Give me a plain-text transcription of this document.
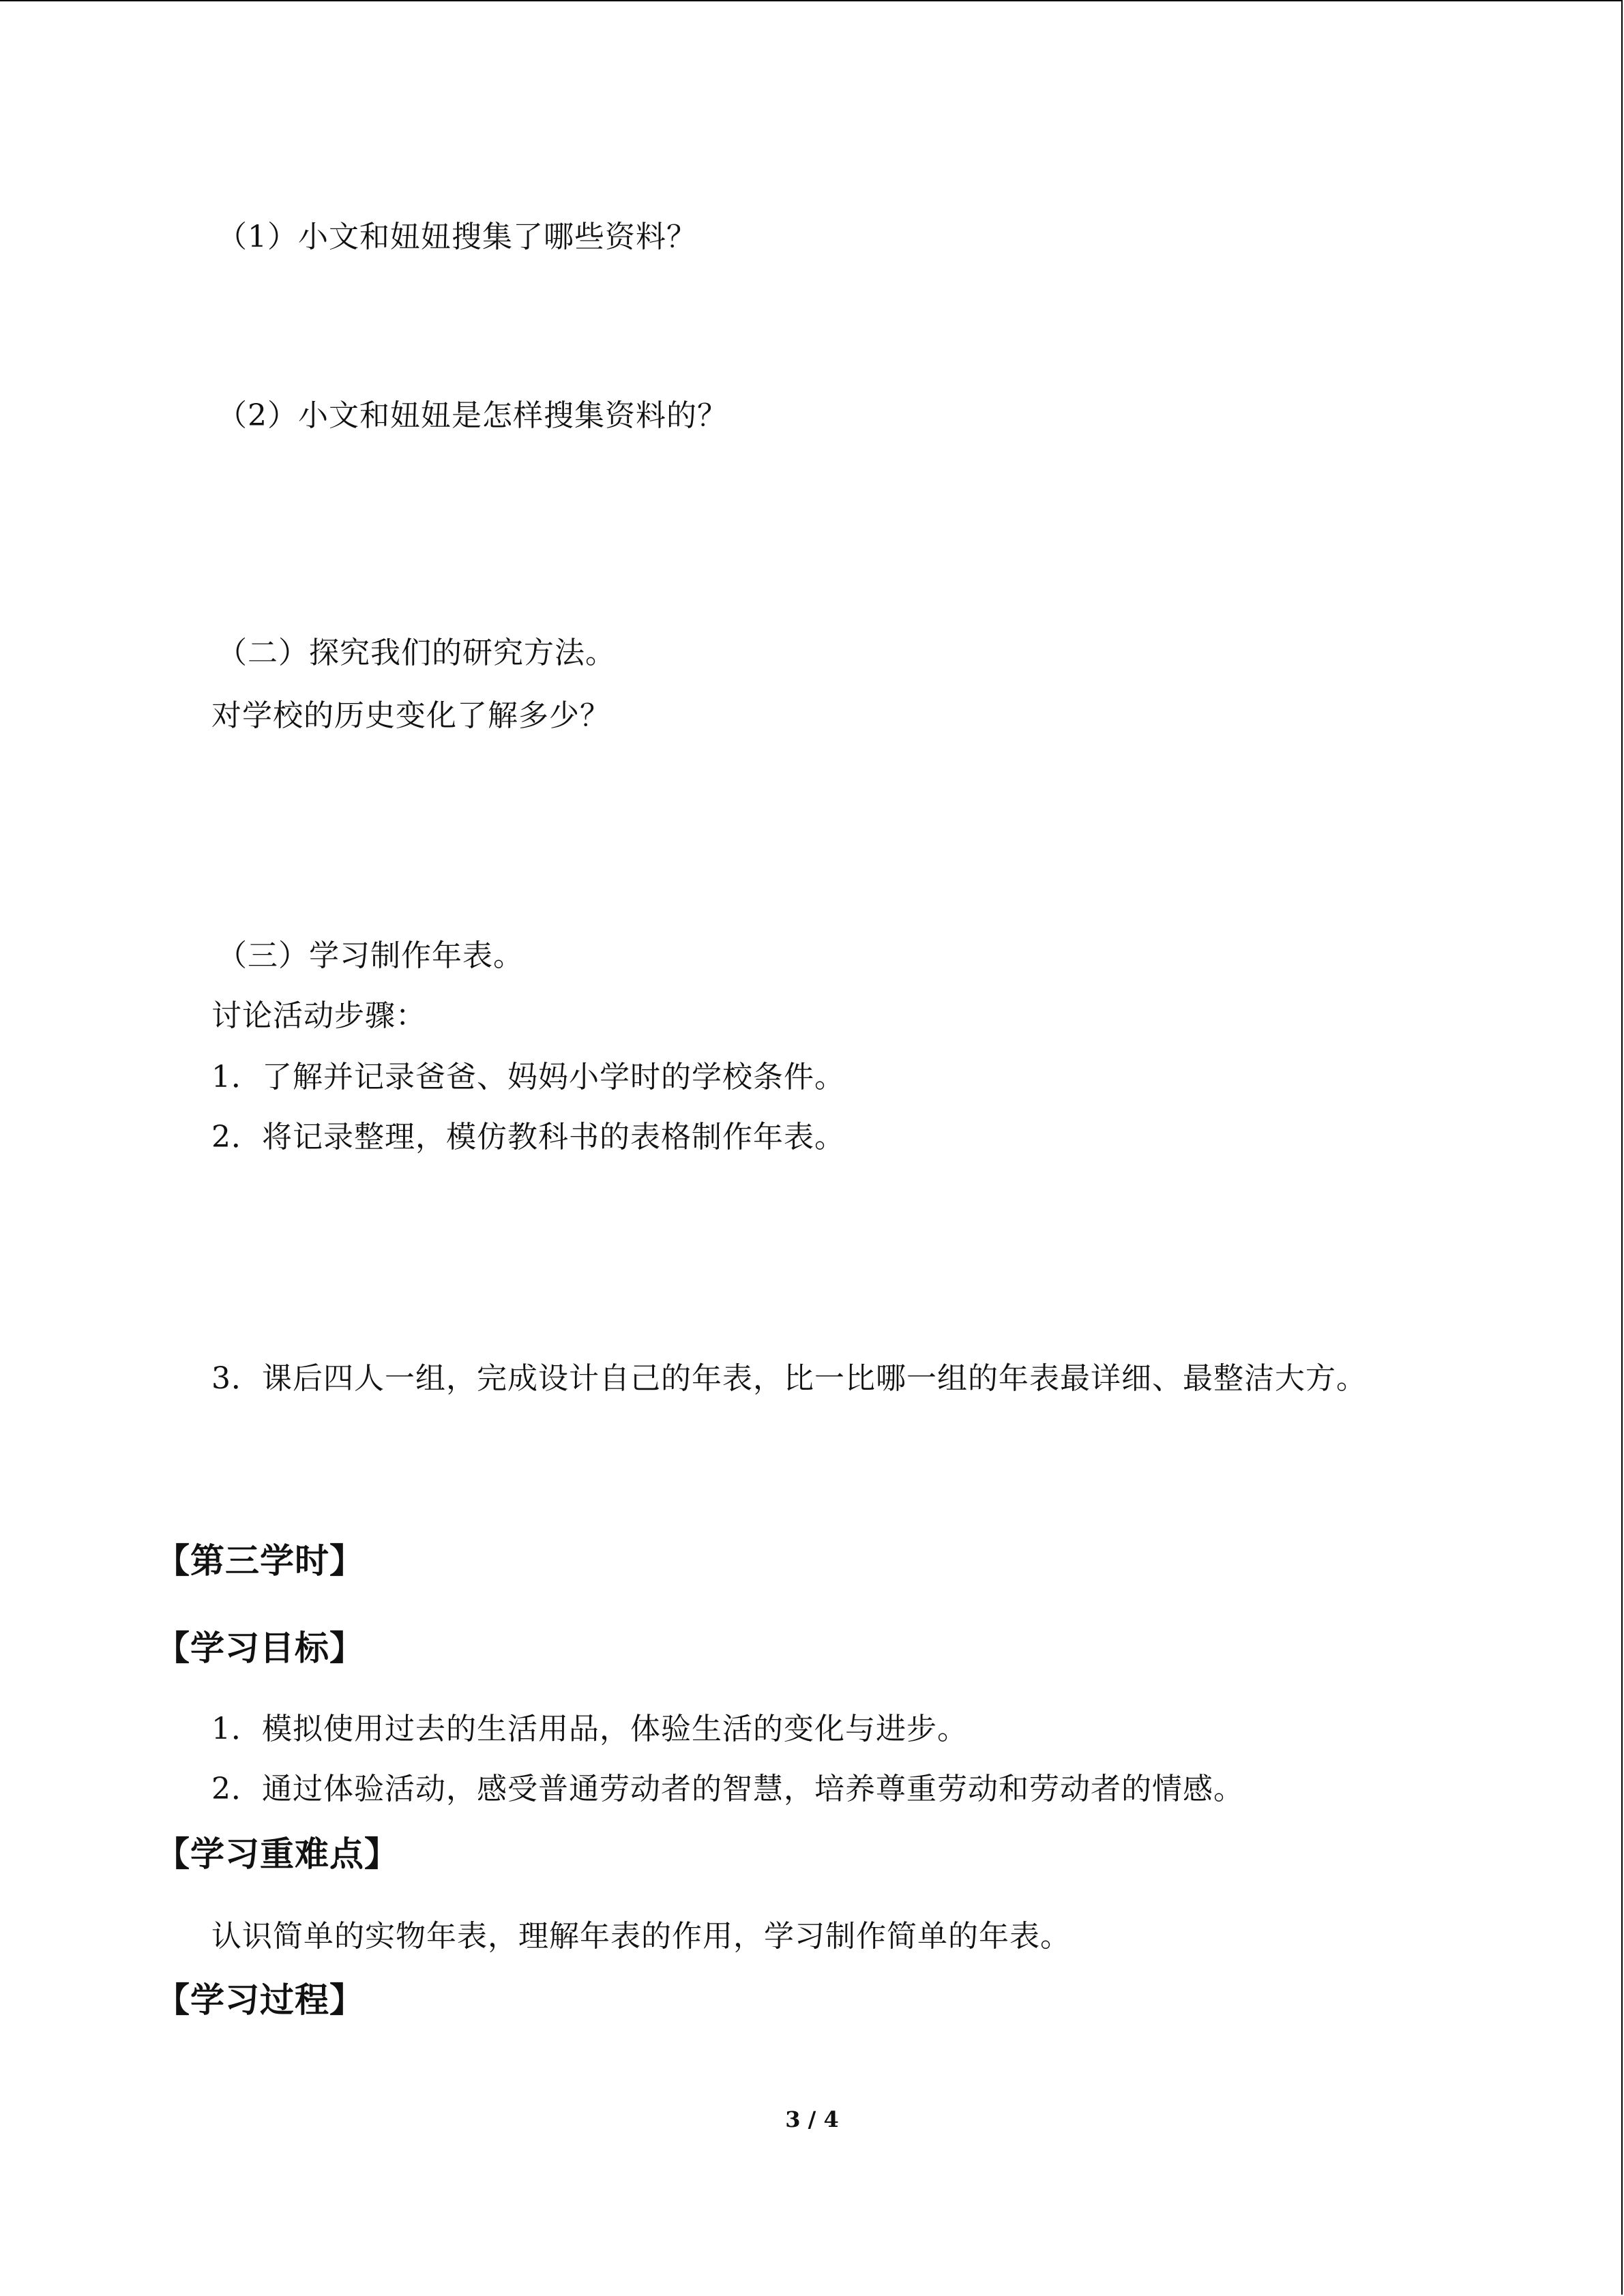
（1）小文和妞妞搜集了哪些资料？
（2）小文和妞妞是怎样搜集资料的？
（二）探究我们的研究方法。
对学校的历史变化了解多少？
（三）学习制作年表。
讨论活动步骤：
1．了解并记录爸爸、妈妈小学时的学校条件。
2．将记录整理，模仿教科书的表格制作年表。
3．课后四人一组，完成设计自己的年表，比一比哪一组的年表最详细、最整洁大方。
【第三学时】
【学习目标】
1．模拟使用过去的生活用品，体验生活的变化与进步。
2．通过体验活动，感受普通劳动者的智慧，培养尊重劳动和劳动者的情感。
【学习重难点】
认识简单的实物年表，理解年表的作用，学习制作简单的年表。
【学习过程】
3 / 4
